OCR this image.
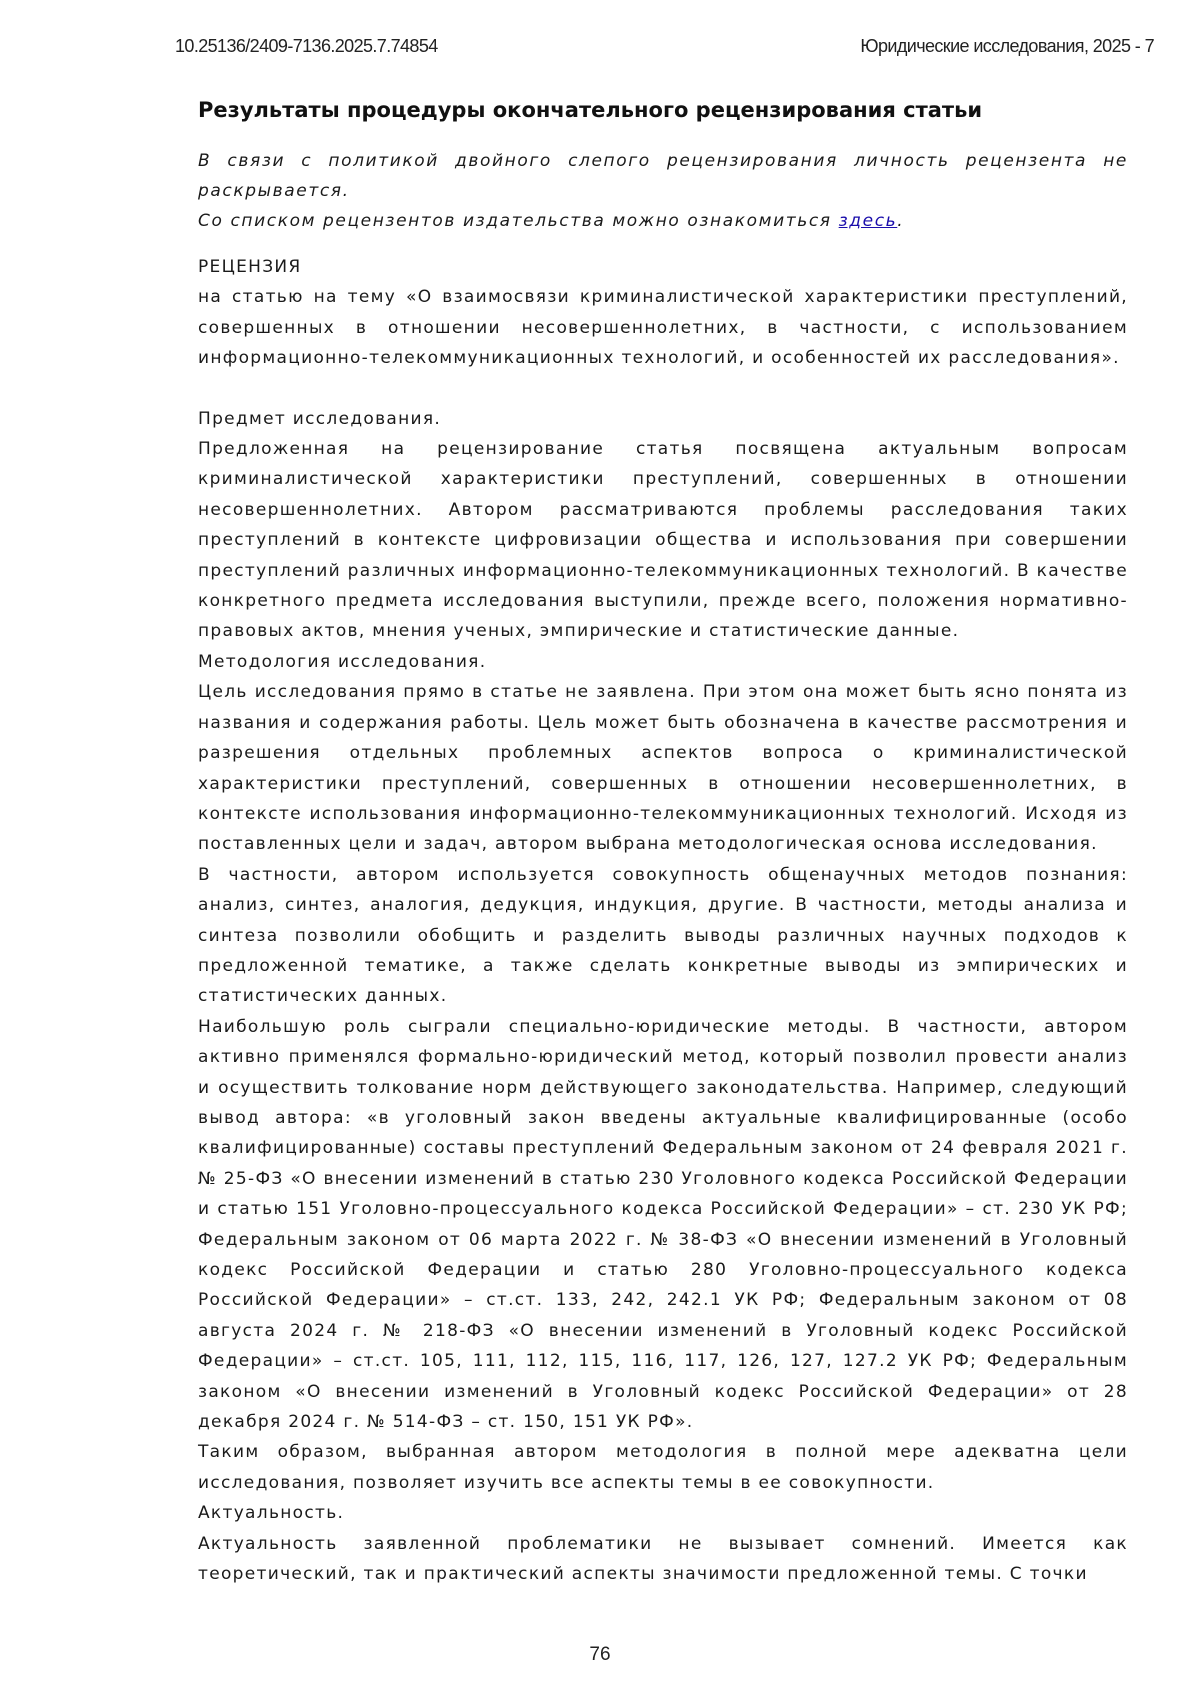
10.25136/2409-7136.2025.7.74854	Юридические исследования, 2025 - 7
Результаты процедуры окончательного рецензирования статьи

В связи с политикой двойного слепого рецензирования личность рецензента не раскрывается.

Со списком рецензентов издательства можно ознакомиться здесь.

РЕЦЕНЗИЯ

на статью на тему «О взаимосвязи криминалистической характеристики преступлений, совершенных в отношении несовершеннолетних, в частности, с использованием информационно-телекоммуникационных технологий, и особенностей их расследования».

Предмет исследования.

Предложенная на рецензирование статья посвящена актуальным вопросам криминалистической характеристики преступлений, совершенных в отношении несовершеннолетних. Автором рассматриваются проблемы расследования таких преступлений в контексте цифровизации общества и использования при совершении преступлений различных информационно-телекоммуникационных технологий. В качестве конкретного предмета исследования выступили, прежде всего, положения нормативно-правовых актов, мнения ученых, эмпирические и статистические данные.

Методология исследования.

Цель исследования прямо в статье не заявлена. При этом она может быть ясно понята из названия и содержания работы. Цель может быть обозначена в качестве рассмотрения и разрешения отдельных проблемных аспектов вопроса о криминалистической характеристики преступлений, совершенных в отношении несовершеннолетних, в контексте использования информационно-телекоммуникационных технологий. Исходя из поставленных цели и задач, автором выбрана методологическая основа исследования.

В частности, автором используется совокупность общенаучных методов познания: анализ, синтез, аналогия, дедукция, индукция, другие. В частности, методы анализа и синтеза позволили обобщить и разделить выводы различных научных подходов к предложенной тематике, а также сделать конкретные выводы из эмпирических и статистических данных.

Наибольшую роль сыграли специально-юридические методы. В частности, автором активно применялся формально-юридический метод, который позволил провести анализ и осуществить толкование норм действующего законодательства. Например, следующий вывод автора: «в уголовный закон введены актуальные квалифицированные (особо квалифицированные) составы преступлений Федеральным законом от 24 февраля 2021 г. № 25-ФЗ «О внесении изменений в статью 230 Уголовного кодекса Российской Федерации и статью 151 Уголовно-процессуального кодекса Российской Федерации» – ст. 230 УК РФ; Федеральным законом от 06 марта 2022 г. № 38-ФЗ «О внесении изменений в Уголовный кодекс Российской Федерации и статью 280 Уголовно-процессуального кодекса Российской Федерации» – ст.ст. 133, 242, 242.1 УК РФ; Федеральным законом от 08 августа 2024 г. № 218-ФЗ «О внесении изменений в Уголовный кодекс Российской Федерации» – ст.ст. 105, 111, 112, 115, 116, 117, 126, 127, 127.2 УК РФ; Федеральным законом «О внесении изменений в Уголовный кодекс Российской Федерации» от 28 декабря 2024 г. № 514-ФЗ – ст. 150, 151 УК РФ».

Таким образом, выбранная автором методология в полной мере адекватна цели исследования, позволяет изучить все аспекты темы в ее совокупности.

Актуальность.

Актуальность заявленной проблематики не вызывает сомнений. Имеется как теоретический, так и практический аспекты значимости предложенной темы. С точки

76
